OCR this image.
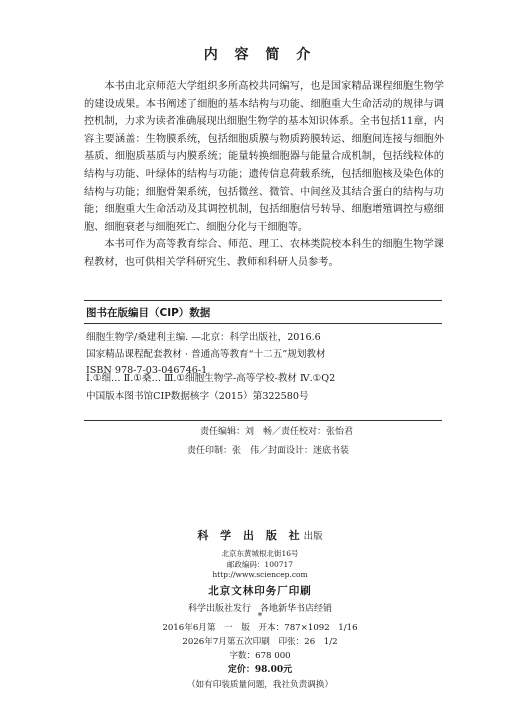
内 容 简 介

本书由北京师范大学组织多所高校共同编写，也是国家精品课程细胞生物学的建设成果。本书阐述了细胞的基本结构与功能、细胞重大生命活动的规律与调控机制，力求为读者准确展现出细胞生物学的基本知识体系。全书包括11章，内容主要涵盖：生物膜系统，包括细胞质膜与物质跨膜转运、细胞间连接与细胞外基质、细胞质基质与内膜系统；能量转换细胞器与能量合成机制，包括线粒体的结构与功能、叶绿体的结构与功能；遗传信息荷载系统，包括细胞核及染色体的结构与功能；细胞骨架系统，包括微丝、微管、中间丝及其结合蛋白的结构与功能；细胞重大生命活动及其调控机制，包括细胞信号转导、细胞增殖调控与癌细胞、细胞衰老与细胞死亡、细胞分化与干细胞等。

本书可作为高等教育综合、师范、理工、农林类院校本科生的细胞生物学课程教材，也可供相关学科研究生、教师和科研人员参考。

图书在版编目（CIP）数据
细胞生物学/桑建利主编. —北京：科学出版社，2016.6
国家精品课程配套教材 · 普通高等教育“十二五”规划教材
ISBN 978-7-03-046746-1
Ⅰ.①细… Ⅱ.①桑… Ⅲ.①细胞生物学-高等学校-教材 Ⅳ.①Q2
中国版本图书馆CIP数据核字（2015）第322580号
责任编辑：刘　畅／责任校对：张怡君
责任印制：张　伟／封面设计：迷底书装
科 学 出 版 社出版
北京东黄城根北街16号
邮政编码：100717
http://www.sciencep.com
北京文林印务厂印刷
科学出版社发行　各地新华书店经销
*
2016年6月第　一　版　开本：787×1092　1/16
2026年7月第五次印刷　印张：26　1/2
字数：678 000
定价：98.00元
（如有印装质量问题，我社负责调换）
